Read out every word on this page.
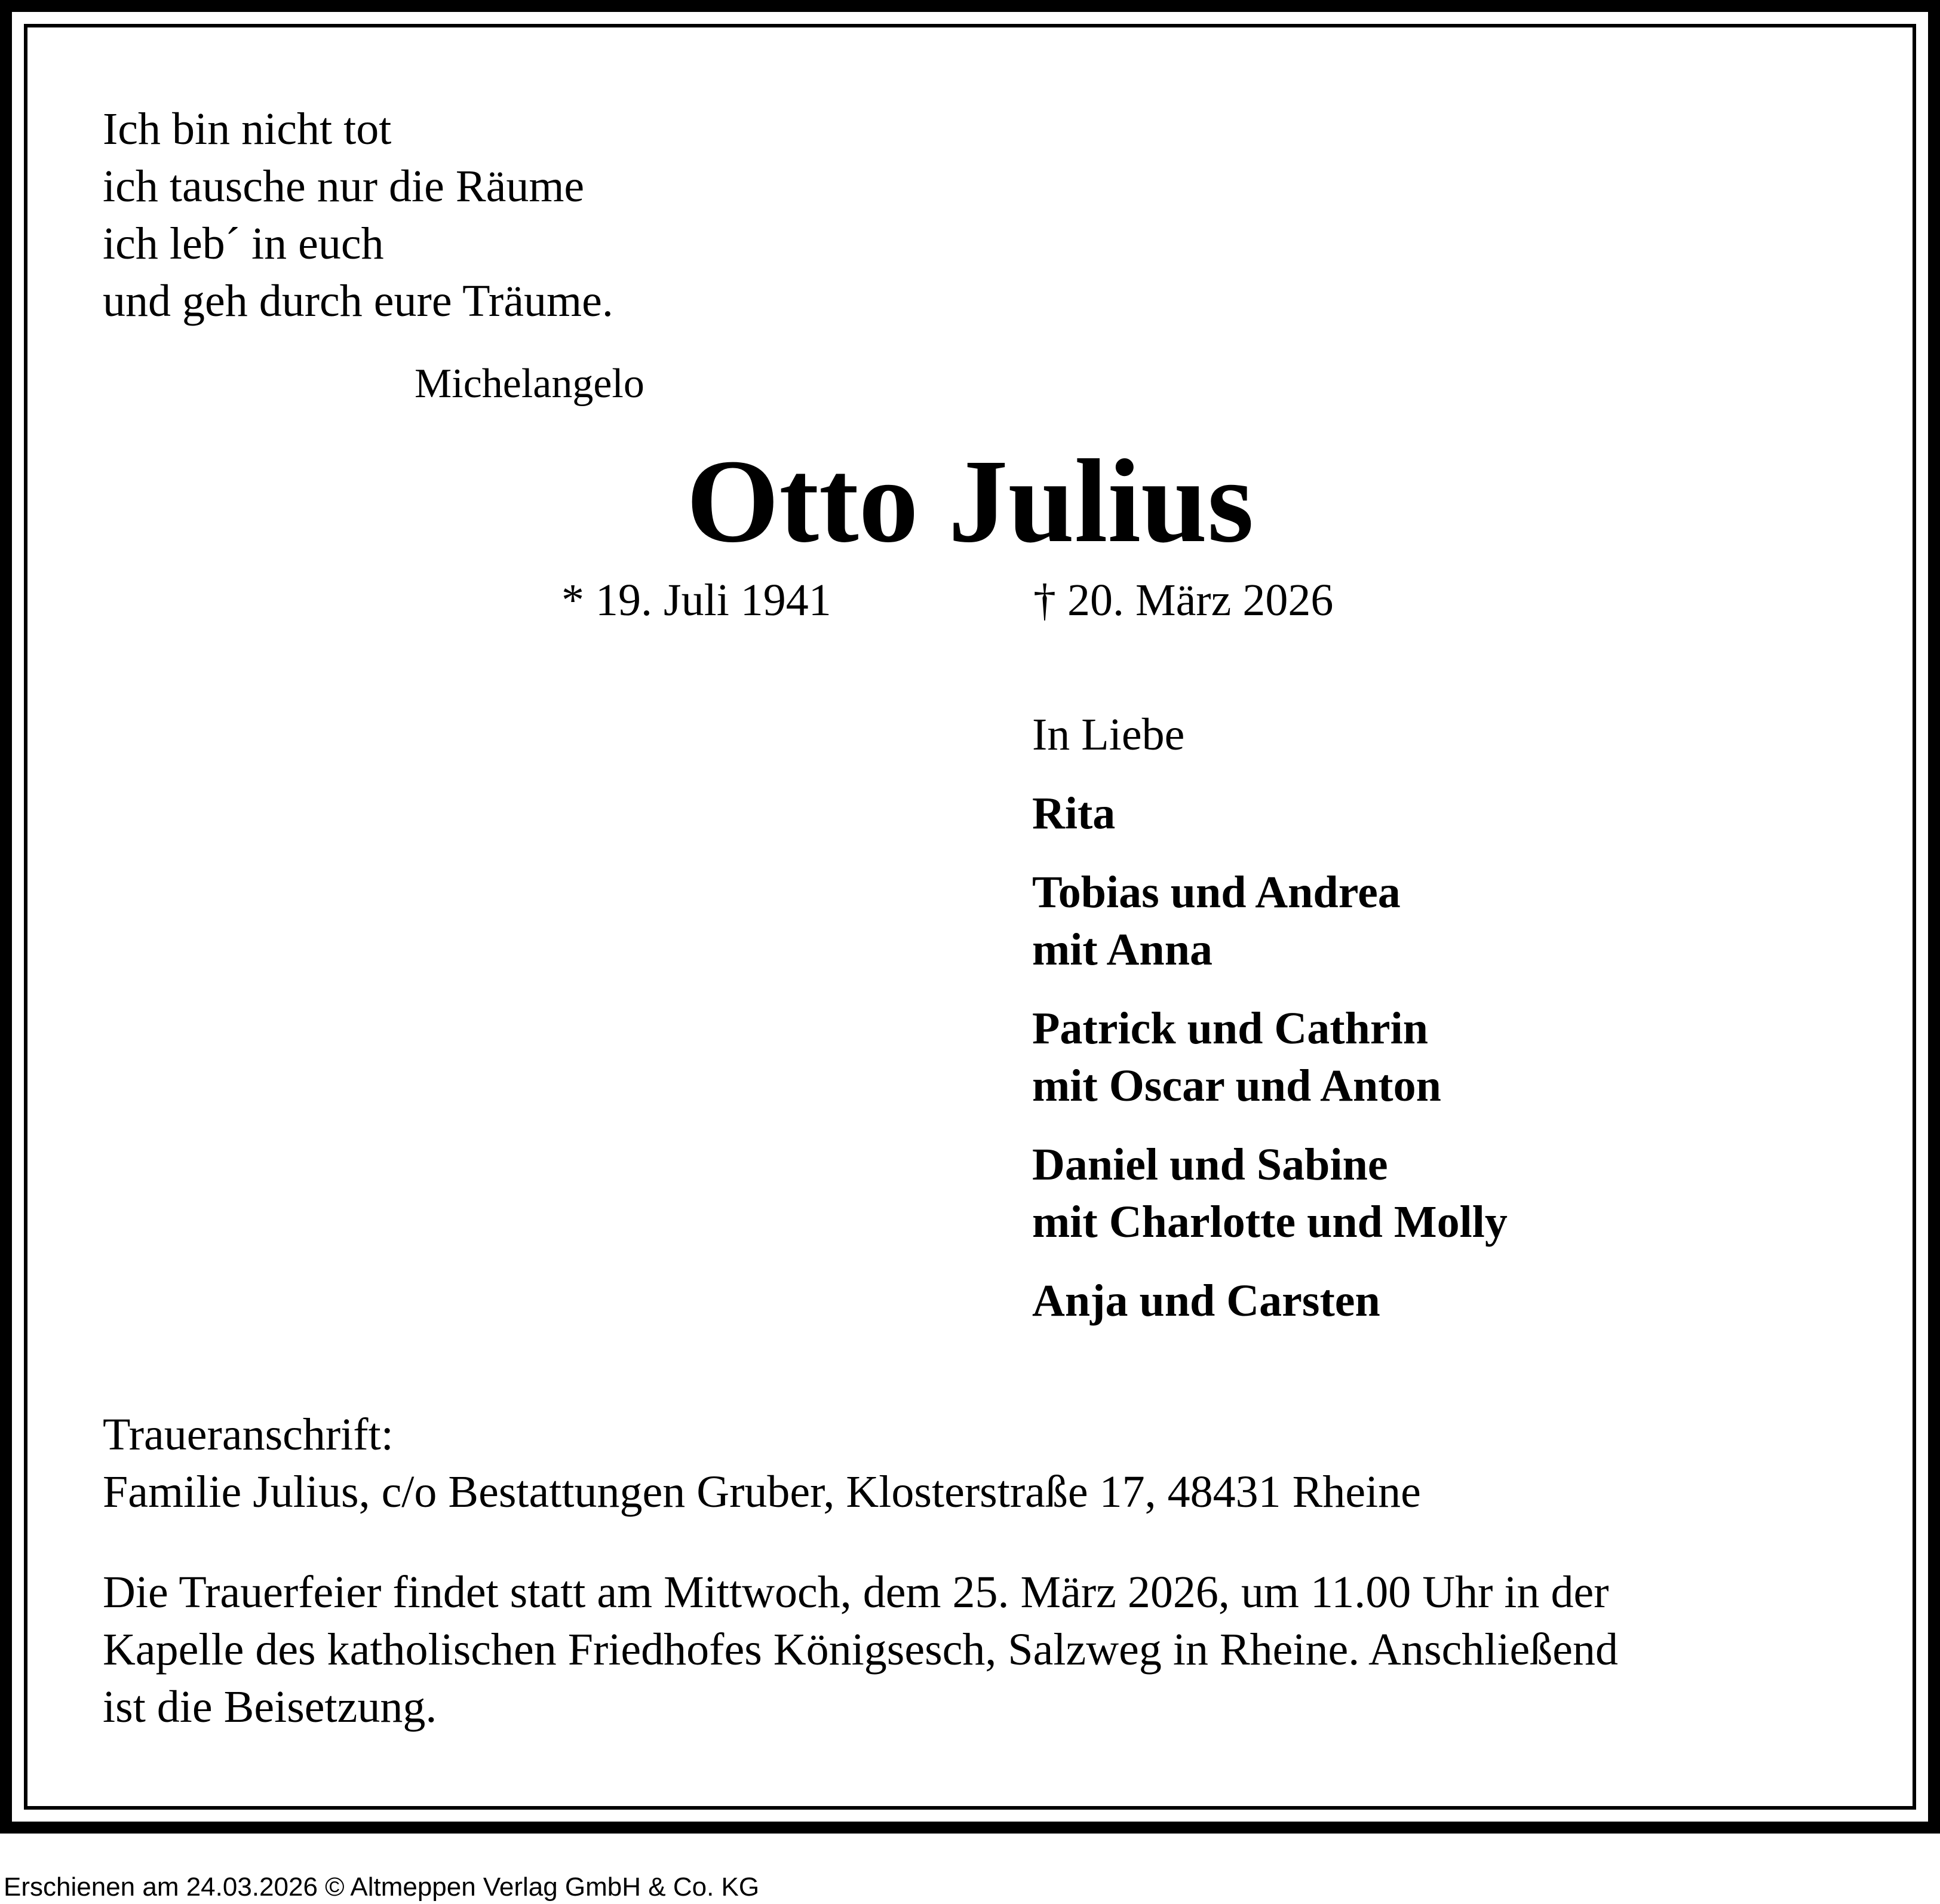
Ich bin nicht tot
ich tausche nur die Räume
ich leb´ in euch
und geh durch eure Träume.
Michelangelo
Otto Julius
* 19. Juli 1941	† 20. März 2026
In Liebe
Rita
Tobias und Andrea
mit Anna
Patrick und Cathrin
mit Oscar und Anton
Daniel und Sabine
mit Charlotte und Molly
Anja und Carsten
Traueranschrift:
Familie Julius, c/o Bestattungen Gruber, Klosterstraße 17, 48431 Rheine
Die Trauerfeier findet statt am Mittwoch, dem 25. März 2026, um 11.00 Uhr in der
Kapelle des katholischen Friedhofes Königsesch, Salzweg in Rheine. Anschließend
ist die Beisetzung.
Erschienen am 24.03.2026 © Altmeppen Verlag GmbH & Co. KG
